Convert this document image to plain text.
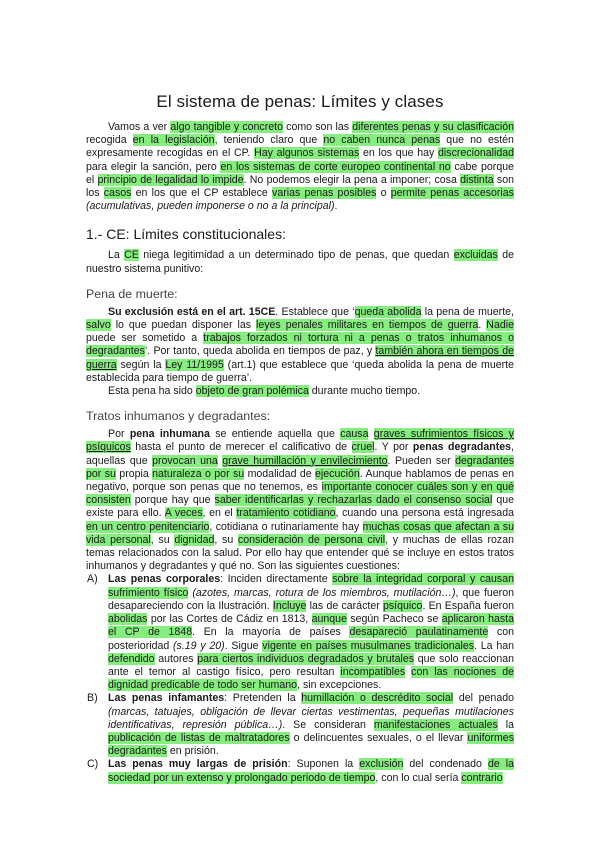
El sistema de penas: Límites y clases

Vamos a ver algo tangible y concreto como son las diferentes penas y su clasificación recogida en la legislación, teniendo claro que no caben nunca penas que no estén expresamente recogidas en el CP. Hay algunos sistemas en los que hay discrecionalidad para elegir la sanción, pero en los sistemas de corte europeo continental no cabe porque el principio de legalidad lo impide. No podemos elegir la pena a imponer; cosa distinta son los casos en los que el CP establece varias penas posibles o permite penas accesorias (acumulativas, pueden imponerse o no a la principal).

1.- CE: Límites constitucionales:

La CE niega legitimidad a un determinado tipo de penas, que quedan excluidas de nuestro sistema punitivo:

Pena de muerte:

Su exclusión está en el art. 15CE. Establece que ‘queda abolida la pena de muerte, salvo lo que puedan disponer las leyes penales militares en tiempos de guerra. Nadie puede ser sometido a trabajos forzados ni tortura ni a penas o tratos inhumanos o degradantes’. Por tanto, queda abolida en tiempos de paz, y también ahora en tiempos de guerra según la Ley 11/1995 (art.1) que establece que ‘queda abolida la pena de muerte establecida para tiempo de guerra’.

Esta pena ha sido objeto de gran polémica durante mucho tiempo.

Tratos inhumanos y degradantes:

Por pena inhumana se entiende aquella que causa graves sufrimientos físicos y psíquicos hasta el punto de merecer el calificativo de cruel. Y por penas degradantes, aquellas que provocan una grave humillación y envilecimiento. Pueden ser degradantes por su propia naturaleza o por su modalidad de ejecución. Aunque hablamos de penas en negativo, porque son penas que no tenemos, es importante conocer cuáles son y en qué consisten porque hay que saber identificarlas y rechazarlas dado el consenso social que existe para ello. A veces, en el tratamiento cotidiano, cuando una persona está ingresada en un centro penitenciario, cotidiana o rutinariamente hay muchas cosas que afectan a su vida personal, su dignidad, su consideración de persona civil, y muchas de ellas rozan temas relacionados con la salud. Por ello hay que entender qué se incluye en estos tratos inhumanos y degradantes y qué no. Son las siguientes cuestiones:

A) Las penas corporales: Inciden directamente sobre la integridad corporal y causan sufrimiento físico (azotes, marcas, rotura de los miembros, mutilación…), que fueron desapareciendo con la Ilustración. Incluye las de carácter psíquico. En España fueron abolidas por las Cortes de Cádiz en 1813, aunque según Pacheco se aplicaron hasta el CP de 1848. En la mayoría de países desapareció paulatinamente con posterioridad (s.19 y 20). Sigue vigente en países musulmanes tradicionales. La han defendido autores para ciertos individuos degradados y brutales que solo reaccionan ante el temor al castigo físico, pero resultan incompatibles con las nociones de dignidad predicable de todo ser humano, sin excepciones.
B) Las penas infamantes: Pretenden la humillación o descrédito social del penado (marcas, tatuajes, obligación de llevar ciertas vestimentas, pequeñas mutilaciones identificativas, represión pública…). Se consideran manifestaciones actuales la publicación de listas de maltratadores o delincuentes sexuales, o el llevar uniformes degradantes en prisión.
C) Las penas muy largas de prisión: Suponen la exclusión del condenado de la sociedad por un extenso y prolongado periodo de tiempo, con lo cual sería contrario
